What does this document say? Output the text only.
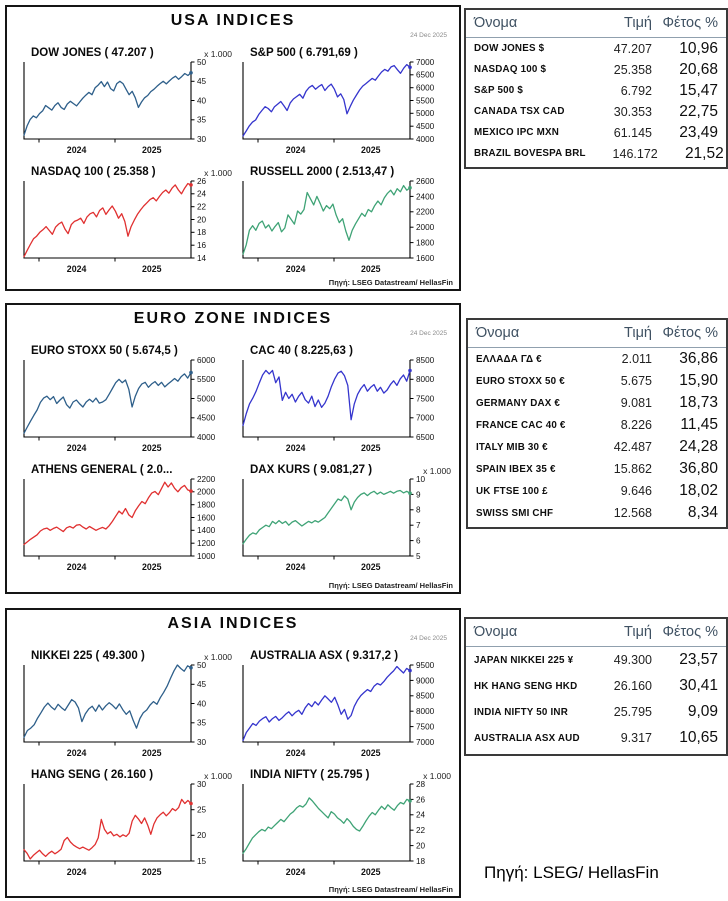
USA INDICES
24 Dec 2025
DOW JONES ( 47.207 )	x 1.000
30
35
40
45
50
2024	2025
S&P 500 ( 6.791,69 )
4000
4500
5000
5500
6000
6500
7000
2024	2025
NASDAQ 100 ( 25.358 )	x 1.000
14
16
18
20
22
24
26
2024	2025
RUSSELL 2000 ( 2.513,47 )
1600
1800
2000
2200
2400
2600
2024	2025
Πηγή: LSEG Datastream/ HellasFin
EURO ZONE INDICES
24 Dec 2025
EURO STOXX 50 ( 5.674,5 )
4000
4500
5000
5500
6000
2024	2025
CAC 40 ( 8.225,63 )
6500
7000
7500
8000
8500
2024	2025
ATHENS GENERAL ( 2.0...
1000
1200
1400
1600
1800
2000
2200
2024	2025
DAX KURS ( 9.081,27 )	x 1.000
5
6
7
8
9
10
2024	2025
Πηγή: LSEG Datastream/ HellasFin
ASIA INDICES
24 Dec 2025
NIKKEI 225 ( 49.300 )	x 1.000
30
35
40
45
50
2024	2025
AUSTRALIA ASX ( 9.317,2 )
7000
7500
8000
8500
9000
9500
2024	2025
HANG SENG ( 26.160 )	x 1.000
15
20
25
30
2024	2025
INDIA NIFTY ( 25.795 )	x 1.000
18
20
22
24
26
28
2024	2025
Πηγή: LSEG Datastream/ HellasFin
Όνομα	Τιμή Φέτος %
DOW JONES $	47.207	10,96
NASDAQ 100 $	25.358	20,68
S&P 500 $	6.792	15,47
CANADA TSX CAD	30.353	22,75
MEXICO IPC MXN	61.145	23,49
BRAZIL BOVESPA BRL	146.172	21,52
Όνομα	Τιμή Φέτος %
ΕΛΛΑΔΑ ΓΔ €	2.011	36,86
EURO STOXX 50 €	5.675	15,90
GERMANY DAX €	9.081	18,73
FRANCE CAC 40 €	8.226	11,45
ITALY MIB 30 €	42.487	24,28
SPAIN IBEX 35 €	15.862	36,80
UK FTSE 100 £	9.646	18,02
SWISS SMI CHF	12.568	8,34
Όνομα	Τιμή Φέτος %
JAPAN NIKKEI 225 ¥	49.300	23,57
HK HANG SENG HKD	26.160	30,41
INDIA NIFTY 50 INR	25.795	9,09
AUSTRALIA ASX AUD	9.317	10,65
Πηγή: LSEG/ HellasFin
